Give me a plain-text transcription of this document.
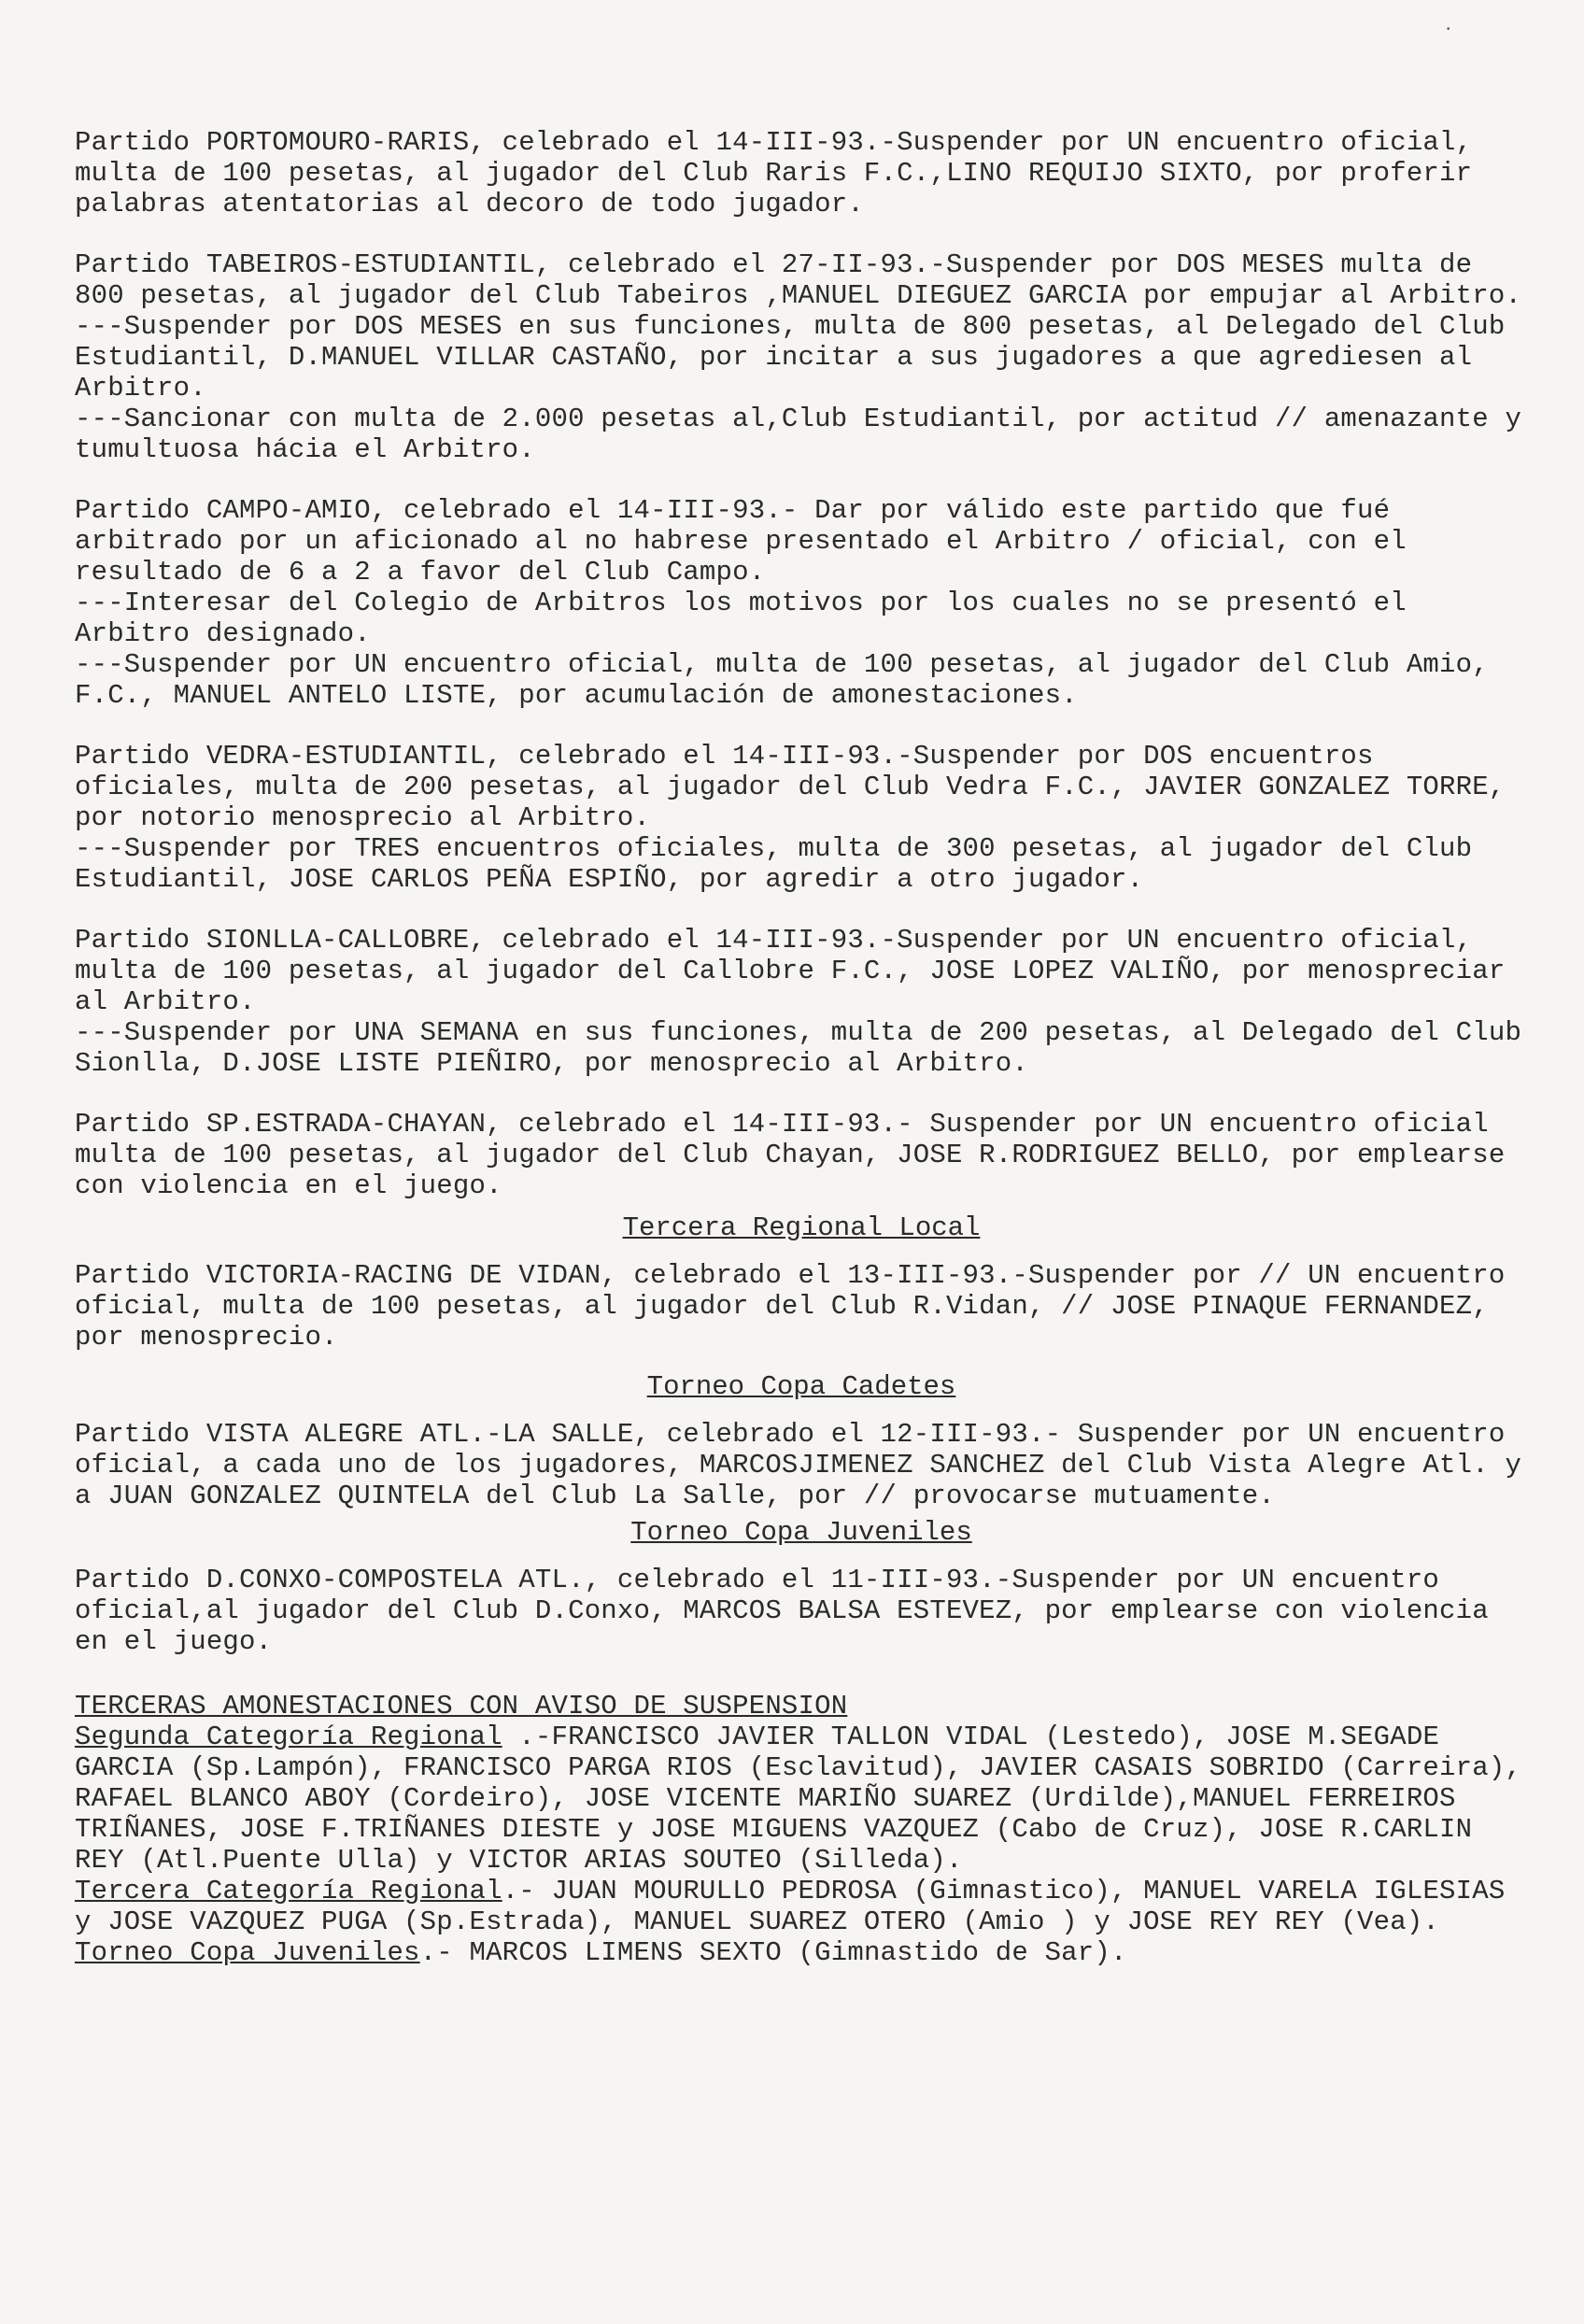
Partido PORTOMOURO-RARIS, celebrado el 14-III-93.-Suspender por UN encuentro oficial, multa de 100 pesetas, al jugador del Club Raris F.C.,LINO REQUIJO SIXTO, por proferir palabras atentatorias al decoro de todo jugador.

Partido TABEIROS-ESTUDIANTIL, celebrado el 27-II-93.-Suspender por DOS MESES multa de 800 pesetas, al jugador del Club Tabeiros ,MANUEL DIEGUEZ GARCIA por empujar al Arbitro.

---Suspender por DOS MESES en sus funciones, multa de 800 pesetas, al Delegado del Club Estudiantil, D.MANUEL VILLAR CASTAÑO, por incitar a sus jugadores a que agrediesen al Arbitro.

---Sancionar con multa de 2.000 pesetas al,Club Estudiantil, por actitud // amenazante y tumultuosa hácia el Arbitro.

Partido CAMPO-AMIO, celebrado el 14-III-93.- Dar por válido este partido que fué arbitrado por un aficionado al no habrese presentado el Arbitro / oficial, con el resultado de 6 a 2 a favor del Club Campo.

---Interesar del Colegio de Arbitros los motivos por los cuales no se presentó el Arbitro designado.

---Suspender por UN encuentro oficial, multa de 100 pesetas, al jugador del Club Amio, F.C., MANUEL ANTELO LISTE, por acumulación de amonestaciones.

Partido VEDRA-ESTUDIANTIL, celebrado el 14-III-93.-Suspender por DOS encuentros oficiales, multa de 200 pesetas, al jugador del Club Vedra F.C., JAVIER GONZALEZ TORRE, por notorio menosprecio al Arbitro.

---Suspender por TRES encuentros oficiales, multa de 300 pesetas, al jugador del Club Estudiantil, JOSE CARLOS PEÑA ESPIÑO, por agredir a otro jugador.

Partido SIONLLA-CALLOBRE, celebrado el 14-III-93.-Suspender por UN encuentro oficial, multa de 100 pesetas, al jugador del Callobre F.C., JOSE LOPEZ VALIÑO, por menospreciar al Arbitro.

---Suspender por UNA SEMANA en sus funciones, multa de 200 pesetas, al Delegado del Club Sionlla, D.JOSE LISTE PIEÑIRO, por menosprecio al Arbitro.

Partido SP.ESTRADA-CHAYAN, celebrado el 14-III-93.- Suspender por UN encuentro oficial multa de 100 pesetas, al jugador del Club Chayan, JOSE R.RODRIGUEZ BELLO, por emplearse con violencia en el juego.

Tercera Regional Local

Partido VICTORIA-RACING DE VIDAN, celebrado el 13-III-93.-Suspender por // UN encuentro oficial, multa de 100 pesetas, al jugador del Club R.Vidan, // JOSE PINAQUE FERNANDEZ, por menosprecio.

Torneo Copa Cadetes

Partido VISTA ALEGRE ATL.-LA SALLE, celebrado el 12-III-93.- Suspender por UN encuentro oficial, a cada uno de los jugadores, MARCOSJIMENEZ SANCHEZ del Club Vista Alegre Atl. y a JUAN GONZALEZ QUINTELA del Club La Salle, por // provocarse mutuamente.

Torneo Copa Juveniles

Partido D.CONXO-COMPOSTELA ATL., celebrado el 11-III-93.-Suspender por UN encuentro oficial,al jugador del Club D.Conxo, MARCOS BALSA ESTEVEZ, por emplearse con violencia en el juego.

TERCERAS AMONESTACIONES CON AVISO DE SUSPENSION

Segunda Categoría Regional .-FRANCISCO JAVIER TALLON VIDAL (Lestedo), JOSE M.SEGADE GARCIA (Sp.Lampón), FRANCISCO PARGA RIOS (Esclavitud), JAVIER CASAIS SOBRIDO (Carreira), RAFAEL BLANCO ABOY (Cordeiro), JOSE VICENTE MARIÑO SUAREZ (Urdilde),MANUEL FERREIROS TRIÑANES, JOSE F.TRIÑANES DIESTE y JOSE MIGUENS VAZQUEZ (Cabo de Cruz), JOSE R.CARLIN REY (Atl.Puente Ulla) y VICTOR ARIAS SOUTEO (Silleda).

Tercera Categoría Regional.- JUAN MOURULLO PEDROSA (Gimnastico), MANUEL VARELA IGLESIAS y JOSE VAZQUEZ PUGA (Sp.Estrada), MANUEL SUAREZ OTERO (Amio ) y JOSE REY REY (Vea).

Torneo Copa Juveniles.- MARCOS LIMENS SEXTO (Gimnastido de Sar).

·
